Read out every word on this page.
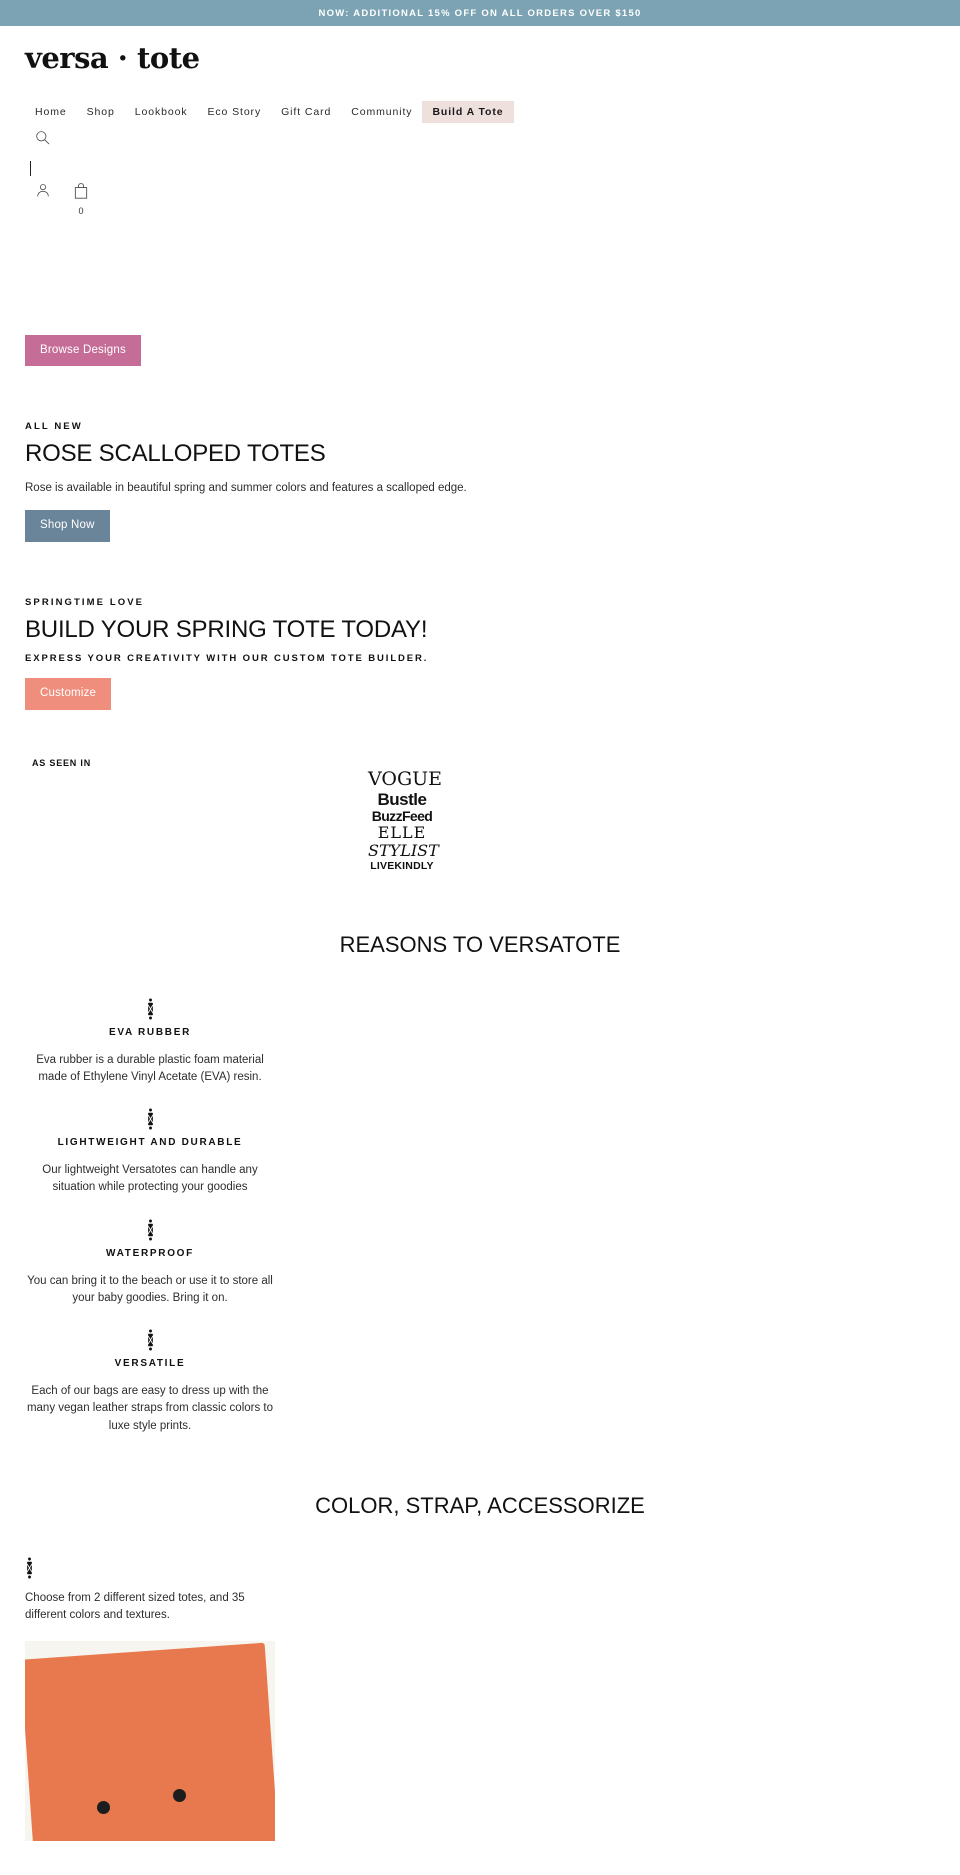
NOW: ADDITIONAL 15% OFF ON ALL ORDERS OVER $150
versa · tote
Home	Shop	Lookbook	Eco Story	Gift Card	Community	Build A Tote
0
Browse Designs
ALL NEW
ROSE SCALLOPED TOTES

Rose is available in beautiful spring and summer colors and features a scalloped edge.

Shop Now
SPRINGTIME LOVE
BUILD YOUR SPRING TOTE TODAY!
EXPRESS YOUR CREATIVITY WITH OUR CUSTOM TOTE BUILDER.
Customize
AS SEEN IN
VOGUE
Bustle
BuzzFeed
ELLE
STYLIST
LIVEKINDLY
REASONS TO VERSATOTE
EVA RUBBER

Eva rubber is a durable plastic foam material made of Ethylene Vinyl Acetate (EVA) resin.

LIGHTWEIGHT AND DURABLE

Our lightweight Versatotes can handle any situation while protecting your goodies

WATERPROOF

You can bring it to the beach or use it to store all your baby goodies. Bring it on.

VERSATILE

Each of our bags are easy to dress up with the many vegan leather straps from classic colors to luxe style prints.

COLOR, STRAP, ACCESSORIZE

Choose from 2 different sized totes, and 35 different colors and textures.
